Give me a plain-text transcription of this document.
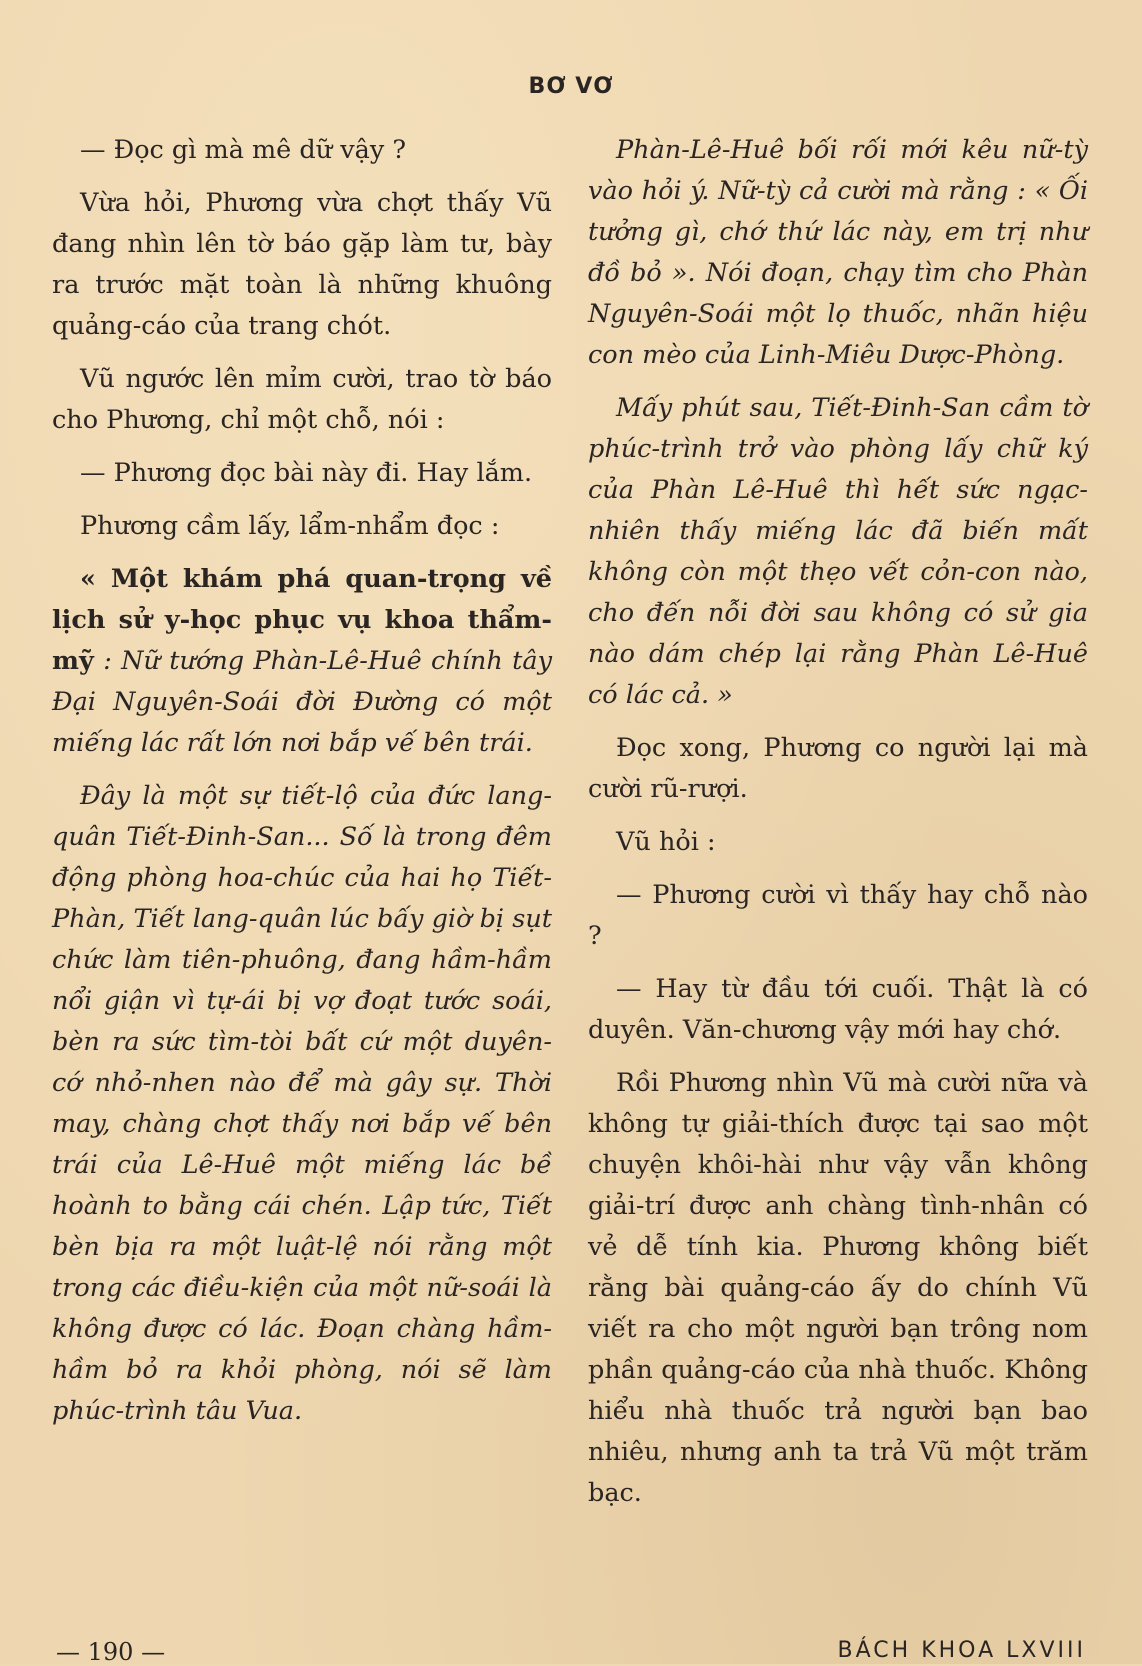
BƠ VƠ

— Đọc gì mà mê dữ vậy ?

Vừa hỏi, Phương vừa chợt thấy Vũ đang nhìn lên tờ báo gặp làm tư, bày ra trước mặt toàn là những khuông quảng-cáo của trang chót.

Vũ ngước lên mỉm cười, trao tờ báo cho Phương, chỉ một chỗ, nói :

— Phương đọc bài này đi. Hay lắm.

Phương cầm lấy, lẩm-nhẩm đọc :

« Một khám phá quan-trọng về lịch sử y-học phục vụ khoa thẩm-mỹ : Nữ tướng Phàn-Lê-Huê chính tây Đại Nguyên-Soái đời Đường có một miếng lác rất lớn nơi bắp vế bên trái.

Đây là một sự tiết-lộ của đức lang-quân Tiết-Đinh-San... Số là trong đêm động phòng hoa-chúc của hai họ Tiết-Phàn, Tiết lang-quân lúc bấy giờ bị sụt chức làm tiên-phuông, đang hầm-hầm nổi giận vì tự-ái bị vợ đoạt tước soái, bèn ra sức tìm-tòi bất cứ một duyên-cớ nhỏ-nhen nào để mà gây sự. Thời may, chàng chợt thấy nơi bắp vế bên trái của Lê-Huê một miếng lác bề hoành to bằng cái chén. Lập tức, Tiết bèn bịa ra một luật-lệ nói rằng một trong các điều-kiện của một nữ-soái là không được có lác. Đoạn chàng hầm-hầm bỏ ra khỏi phòng, nói sẽ làm phúc-trình tâu Vua.

Phàn-Lê-Huê bối rối mới kêu nữ-tỳ vào hỏi ý. Nữ-tỳ cả cười mà rằng : « Ối tưởng gì, chớ thứ lác này, em trị như đồ bỏ ». Nói đoạn, chạy tìm cho Phàn Nguyên-Soái một lọ thuốc, nhãn hiệu con mèo của Linh-Miêu Dược-Phòng.

Mấy phút sau, Tiết-Đinh-San cầm tờ phúc-trình trở vào phòng lấy chữ ký của Phàn Lê-Huê thì hết sức ngạc-nhiên thấy miếng lác đã biến mất không còn một thẹo vết cỏn-con nào, cho đến nỗi đời sau không có sử gia nào dám chép lại rằng Phàn Lê-Huê có lác cả. »

Đọc xong, Phương co người lại mà cười rũ-rượi.

Vũ hỏi :

— Phương cười vì thấy hay chỗ nào ?

— Hay từ đầu tới cuối. Thật là có duyên. Văn-chương vậy mới hay chớ.

Rồi Phương nhìn Vũ mà cười nữa và không tự giải-thích được tại sao một chuyện khôi-hài như vậy vẫn không giải-trí được anh chàng tình-nhân có vẻ dễ tính kia. Phương không biết rằng bài quảng-cáo ấy do chính Vũ viết ra cho một người bạn trông nom phần quảng-cáo của nhà thuốc. Không hiểu nhà thuốc trả người bạn bao nhiêu, nhưng anh ta trả Vũ một trăm bạc.

— 190 —	BÁCH KHOA LXVIII
